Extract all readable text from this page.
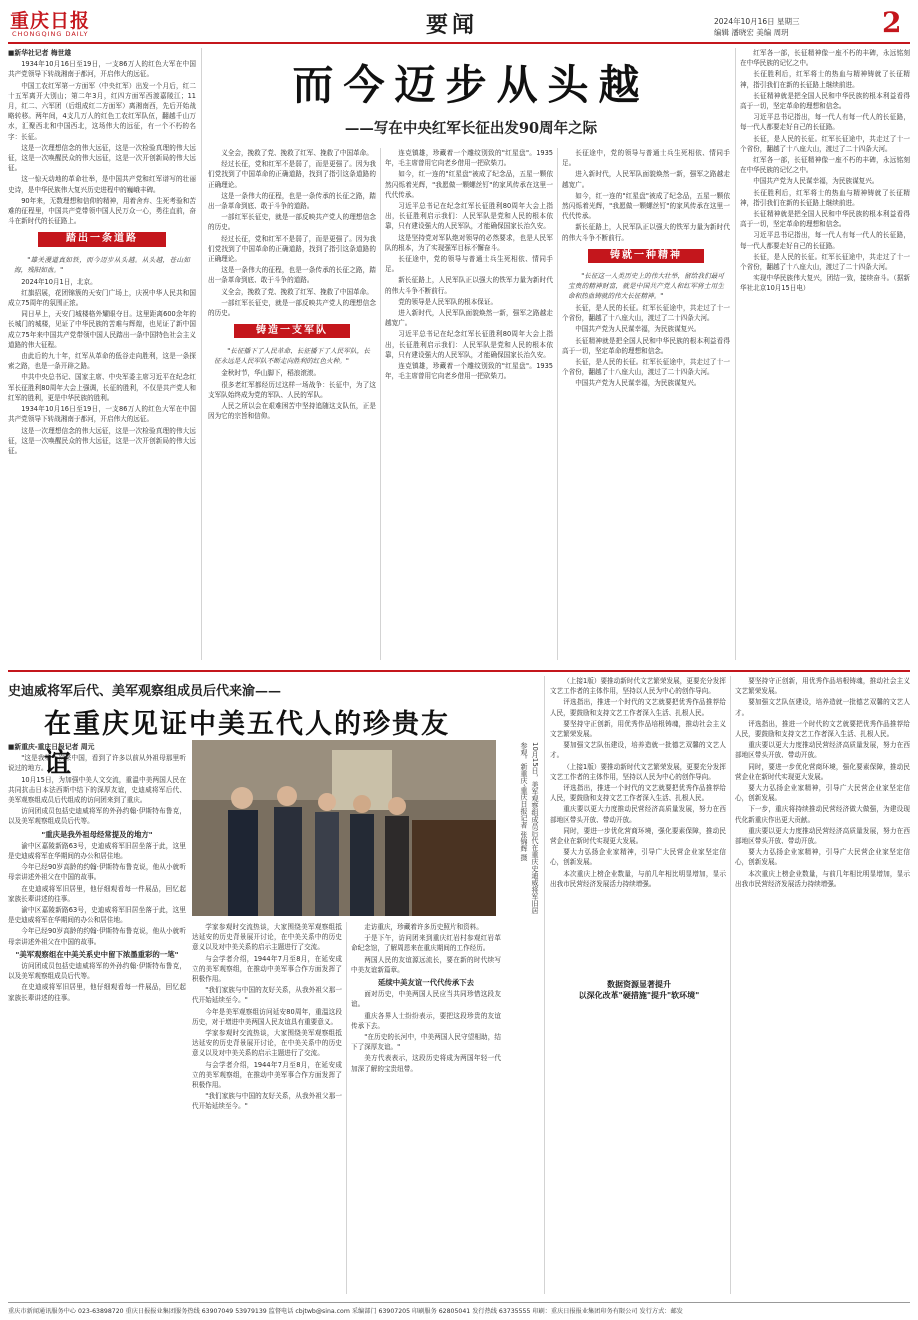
重庆日报
CHONGQING DAILY	要闻	2024年10月16日 星期三
编辑 潘晓宏 美编 周玥	2

■新华社记者 梅世雄

1934年10月16日至19日，一支86万人的红色大军在中国共产党领导下转战湘南于都河，开启伟大的远征。

中国工农红军第一方面军（中央红军）出发一个月后，红二十五军离开大别山；第二年3月，红四方面军西渡嘉陵江；11月，红二、六军团（后组成红二方面军）离湘南西，先后开始战略转移。两年间，4支几万人的红色工农红军队伍，翻越千山万水，汇聚西北和中国西北，这场伟大的远征，有一个不朽的名字：长征。

这是一次理想信念的伟大远征，这是一次检验真理的伟大远征，这是一次唤醒民众的伟大远征，这是一次开创新局的伟大远征。

这一惊天动地的革命壮举，是中国共产党和红军谱写的壮丽史诗，是中华民族伟大复兴历史进程中的巍峨丰碑。

90年来，无数理想和信仰的精神，用着舍弃、生死考验和苦难的征程里，中国共产党带领中国人民万众一心，勇往直前，奋斗在新时代的长征路上。

踏出一条道路
"雄关漫道真如铁，而今迈步从头越。从头越，苍山如海，残阳如血。"

2024年10月1日，北京。

红旗招展，花团锦簇的天安门广场上，庆祝中华人民共和国成立75周年的氛围正浓。

同日早上，天安门城楼格外耀眼夺目。这里距离600余年的长城门的城楼，见证了中华民族的苦难与辉煌，也见证了新中国成立75年来中国共产党带领中国人民踏出一条中国特色社会主义道路的伟大征程。

由此后的九十年，红军从革命的低谷走向胜利，这是一条探索之路，也是一条开辟之路。

中共中央总书记、国家主席、中央军委主席习近平在纪念红军长征胜利80周年大会上强调，长征的胜利，不仅是共产党人和红军的胜利，更是中华民族的胜利。

1934年10月16日至19日，一支86万人的红色大军在中国共产党领导下转战湘南于都河，开启伟大的远征。

这是一次理想信念的伟大远征，这是一次检验真理的伟大远征，这是一次唤醒民众的伟大远征，这是一次开创新局的伟大远征。

而今迈步从头越
——写在中央红军长征出发90周年之际

义全会，挽救了党、挽救了红军、挽救了中国革命。

经过长征，党和红军不是弱了，而是更强了。因为我们党找到了中国革命的正确道路，找到了指引这条道路的正确理论。

这是一条伟大的征程，也是一条传承的长征之路，踏出一条革命到底、敢于斗争的道路。

一部红军长征史，就是一部反映共产党人的理想信念的历史。

经过长征，党和红军不是弱了，而是更强了。因为我们党找到了中国革命的正确道路，找到了指引这条道路的正确理论。

这是一条伟大的征程，也是一条传承的长征之路，踏出一条革命到底、敢于斗争的道路。

义全会，挽救了党、挽救了红军、挽救了中国革命。

一部红军长征史，就是一部反映共产党人的理想信念的历史。

铸造一支军队
"长征播下了人民革命、长征播下了人民军队，长征永远是人民军队不断走向胜利的红色火种。"

金秋时节，华山脚下，稻浪滚滚。

很多老红军都经历过这样一场战争：长征中，为了这支军队始终成为党的军队、人民的军队。

人民之所以会在艰难困苦中坚持追随这支队伍，正是因为它的宗旨和信仰。

连克镇雄，珍藏着一个雕纹别致的"红星盘"。1935年，毛主席曾用它向老乡借用一把砍柴刀。

如今，红一连的"红星盘"被成了纪念品，五星一颗依然闪烁着光辉，"我愿做一颗螺丝钉"的家风传承在这里一代代传承。

习近平总书记在纪念红军长征胜利80周年大会上指出，长征胜利启示我们：人民军队是党和人民的根本依靠，只有建设强大的人民军队，才能确保国家长治久安。

这是坚持党对军队绝对领导的必然要求，也是人民军队的根本，为了实现强军目标不懈奋斗。

长征途中，党的领导与普通士兵生死相依、情同手足。

新长征路上，人民军队正以强大的铁军力量为新时代的伟大斗争不断前行。

党的领导是人民军队的根本保证。

进入新时代，人民军队面貌焕然一新，强军之路越走越宽广。

习近平总书记在纪念红军长征胜利80周年大会上指出，长征胜利启示我们：人民军队是党和人民的根本依靠，只有建设强大的人民军队，才能确保国家长治久安。

连克镇雄，珍藏着一个雕纹别致的"红星盘"。1935年，毛主席曾用它向老乡借用一把砍柴刀。

长征途中，党的领导与普通士兵生死相依、情同手足。

进入新时代，人民军队面貌焕然一新，强军之路越走越宽广。

如今，红一连的"红星盘"被成了纪念品，五星一颗依然闪烁着光辉，"我愿做一颗螺丝钉"的家风传承在这里一代代传承。

新长征路上，人民军队正以强大的铁军力量为新时代的伟大斗争不断前行。

铸就一种精神
"长征这一人类历史上的伟大壮举，留给我们最可宝贵的精神财富，就是中国共产党人和红军将士用生命和热血铸就的伟大长征精神。"

长征，是人民的长征。红军长征途中，共走过了十一个省份，翻越了十八座大山，渡过了二十四条大河。

中国共产党为人民谋幸福，为民族谋复兴。

长征精神就是把全国人民和中华民族的根本利益看得高于一切，坚定革命的理想和信念。

长征，是人民的长征。红军长征途中，共走过了十一个省份，翻越了十八座大山，渡过了二十四条大河。

中国共产党为人民谋幸福，为民族谋复兴。

红军各一部，长征精神像一座不朽的丰碑，永远铭刻在中华民族的记忆之中。

长征胜利后，红军将士的热血与精神铸就了长征精神，指引我们在新的长征路上继续前进。

长征精神就是把全国人民和中华民族的根本利益看得高于一切，坚定革命的理想和信念。

习近平总书记指出，每一代人有每一代人的长征路，每一代人都要走好自己的长征路。

长征，是人民的长征。红军长征途中，共走过了十一个省份，翻越了十八座大山，渡过了二十四条大河。

红军各一部，长征精神像一座不朽的丰碑，永远铭刻在中华民族的记忆之中。

中国共产党为人民谋幸福，为民族谋复兴。

长征胜利后，红军将士的热血与精神铸就了长征精神，指引我们在新的长征路上继续前进。

长征精神就是把全国人民和中华民族的根本利益看得高于一切，坚定革命的理想和信念。

习近平总书记指出，每一代人有每一代人的长征路，每一代人都要走好自己的长征路。

长征，是人民的长征。红军长征途中，共走过了十一个省份，翻越了十八座大山，渡过了二十四条大河。

实现中华民族伟大复兴，团结一致，接续奋斗。（据新华社北京10月15日电）

史迪威将军后代、美军观察组成员后代来渝——
在重庆见证中美五代人的珍贵友谊

■新重庆-重庆日报记者 周元

"这是我第一次来中国，看到了许多以前从外祖母那里听说过的地方。"

10月15日，为加强中美人文交流，重温中美两国人民在共同抗击日本法西斯中结下的深厚友谊，史迪威将军后代、美军观察组成员后代组成的访问团来到了重庆。

访问团成员包括史迪威将军的外孙约翰·伊斯特布鲁克，以及美军观察组成员后代等。

"重庆是我外祖母经常提及的地方"

渝中区嘉陵新路63号，史迪威将军旧居坐落于此，这里是史迪威将军在华期间的办公和居住地。

今年已经90岁高龄的约翰·伊斯特布鲁克说，他从小就听母亲讲述外祖父在中国的故事。

在史迪威将军旧居里，他仔细观看每一件展品，回忆起家族长辈讲述的往事。

渝中区嘉陵新路63号，史迪威将军旧居坐落于此，这里是史迪威将军在华期间的办公和居住地。

今年已经90岁高龄的约翰·伊斯特布鲁克说，他从小就听母亲讲述外祖父在中国的故事。

"美军观察组在中美关系史中留下浓墨重彩的一笔"

访问团成员包括史迪威将军的外孙约翰·伊斯特布鲁克，以及美军观察组成员后代等。

在史迪威将军旧居里，他仔细观看每一件展品，回忆起家族长辈讲述的往事。

10月15日，美军观察组成员后代在重庆史迪威将军旧居参观。新重庆-重庆日报记者 张锦辉 摄

学家参观时交流热谈，大家围绕美军观察组抵达延安的历史背景展开讨论，在中美关系中的历史意义以及对中美关系的启示主题进行了交流。

与会学者介绍，1944年7月至8月，在延安成立的美军观察组，在推动中美军事合作方面发挥了积极作用。

"我们家族与中国的友好关系，从我外祖父那一代开始延续至今。"

今年是美军观察组访问延安80周年，重温这段历史，对于增进中美两国人民友谊具有重要意义。

学家参观时交流热谈，大家围绕美军观察组抵达延安的历史背景展开讨论，在中美关系中的历史意义以及对中美关系的启示主题进行了交流。

与会学者介绍，1944年7月至8月，在延安成立的美军观察组，在推动中美军事合作方面发挥了积极作用。

"我们家族与中国的友好关系，从我外祖父那一代开始延续至今。"

走访重庆，珍藏着许多历史照片和资料。

于是下午，访问团来到重庆红岩村参观红岩革命纪念馆，了解周恩来在重庆期间的工作经历。

两国人民的友谊源远流长，要在新的时代续写中美友谊新篇章。

延续中美友谊一代代传承下去

面对历史，中美两国人民应当共同珍惜这段友谊。

重庆各界人士纷纷表示，要把这段珍贵的友谊传承下去。

"在历史的长河中，中美两国人民守望相助，结下了深厚友谊。"

美方代表表示，这段历史将成为两国年轻一代加深了解的宝贵纽带。

（上接1版）要推动新时代文艺繁荣发展，更要充分发挥文艺工作者的主体作用，坚持以人民为中心的创作导向。

评选指出，推进一个时代的文艺就要把优秀作品推荐给人民，要鼓励和支持文艺工作者深入生活、扎根人民。

要坚持守正创新，用优秀作品培根铸魂，推动社会主义文艺繁荣发展。

要加强文艺队伍建设，培养造就一批德艺双馨的文艺人才。

（上接1版）要推动新时代文艺繁荣发展，更要充分发挥文艺工作者的主体作用，坚持以人民为中心的创作导向。

评选指出，推进一个时代的文艺就要把优秀作品推荐给人民，要鼓励和支持文艺工作者深入生活、扎根人民。

重庆要以更大力度推动民营经济高质量发展，努力在西部地区带头开放、带动开放。

同时，要进一步优化营商环境，强化要素保障，推动民营企业在新时代实现更大发展。

要大力弘扬企业家精神，引导广大民营企业家坚定信心，创新发展。

本次重庆上榜企业数量，与前几年相比明显增加，显示出我市民营经济发展活力持续增强。

要坚持守正创新，用优秀作品培根铸魂，推动社会主义文艺繁荣发展。

要加强文艺队伍建设，培养造就一批德艺双馨的文艺人才。

评选指出，推进一个时代的文艺就要把优秀作品推荐给人民，要鼓励和支持文艺工作者深入生活、扎根人民。

重庆要以更大力度推动民营经济高质量发展，努力在西部地区带头开放、带动开放。

同时，要进一步优化营商环境，强化要素保障，推动民营企业在新时代实现更大发展。

要大力弘扬企业家精神，引导广大民营企业家坚定信心，创新发展。

下一步，重庆将持续推动民营经济做大做强，为建设现代化新重庆作出更大贡献。

重庆要以更大力度推动民营经济高质量发展，努力在西部地区带头开放、带动开放。

要大力弘扬企业家精神，引导广大民营企业家坚定信心，创新发展。

本次重庆上榜企业数量，与前几年相比明显增加，显示出我市民营经济发展活力持续增强。

数据资源显著提升
以深化改革"硬措施"提升"软环境"
重庆市新闻通讯服务中心 023-63898720 重庆日报报业集团服务热线 63907049 53979139 监督电话 cbjtwb@sina.com 采编部门 63907205 印刷服务 62805041 发行热线 63735555 印刷：重庆日报报业集团印务有限公司 发行方式：邮发
